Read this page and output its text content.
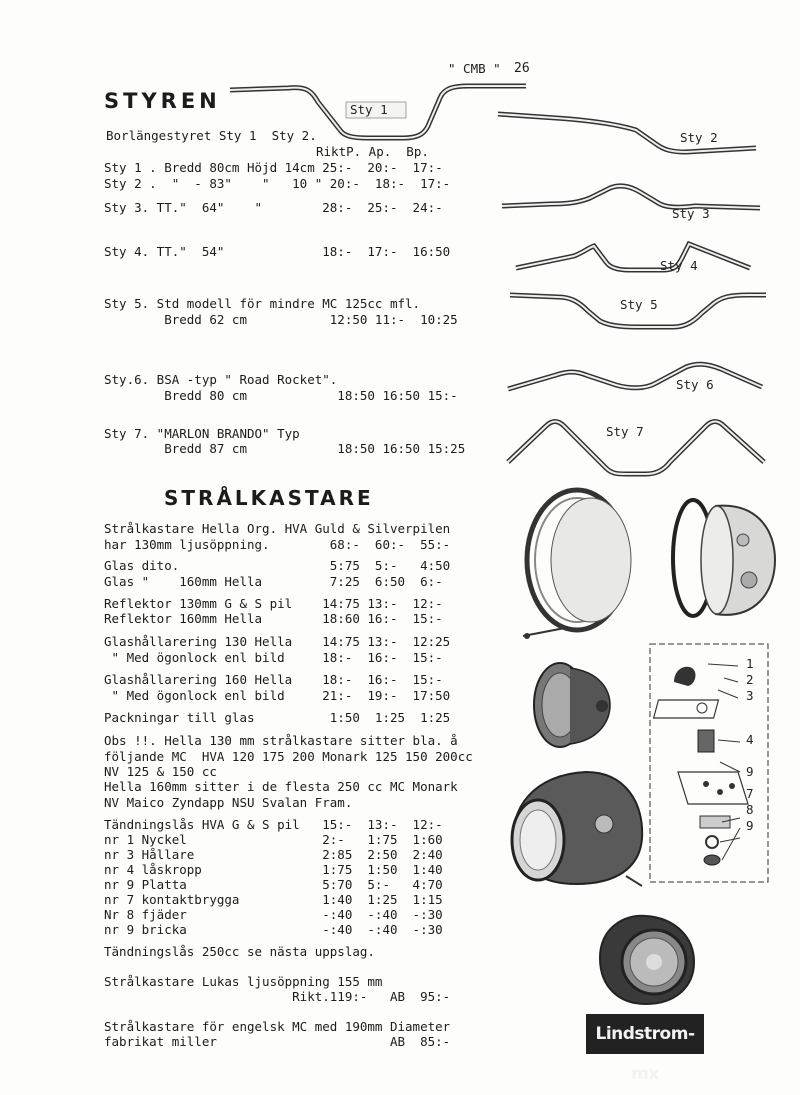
" CMB " 26
STYREN
Borlängestyret Sty 1  Sty 2.
RiktP. Ap.  Bp.
Sty 1 . Bredd 80cm Höjd 14cm 25:-  20:-  17:-
Sty 2 .  "  - 83"    "   10 " 20:-  18:-  17:-
Sty 3. TT."  64"    "        28:-  25:-  24:-
Sty 4. TT."  54"             18:-  17:-  16:50
Sty 5. Std modell för mindre MC 125cc mfl.
Bredd 62 cm           12:50 11:-  10:25
Sty.6. BSA -typ " Road Rocket".
Bredd 80 cm            18:50 16:50 15:-
Sty 7. "MARLON BRANDO" Typ
Bredd 87 cm            18:50 16:50 15:25
Sty 1
Sty 2
Sty 3
Sty 4
Sty 5
Sty 6
Sty 7
STRÅLKASTARE
Strålkastare Hella Org. HVA Guld & Silverpilen
har 130mm ljusöppning.        68:-  60:-  55:-
Glas dito.                    5:75  5:-   4:50
Glas "    160mm Hella         7:25  6:50  6:-
Reflektor 130mm G & S pil    14:75 13:-  12:-
Reflektor 160mm Hella        18:60 16:-  15:-
Glashållarering 130 Hella    14:75 13:-  12:25
" Med ögonlock enl bild     18:-  16:-  15:-
Glashållarering 160 Hella    18:-  16:-  15:-
" Med ögonlock enl bild     21:-  19:-  17:50
Packningar till glas          1:50  1:25  1:25
Obs !!. Hella 130 mm strålkastare sitter bla. å
följande MC  HVA 120 175 200 Monark 125 150 200cc
NV 125 & 150 cc
Hella 160mm sitter i de flesta 250 cc MC Monark
NV Maico Zyndapp NSU Svalan Fram.
Tändningslås HVA G & S pil   15:-  13:-  12:-
nr 1 Nyckel                  2:-   1:75  1:60
nr 3 Hållare                 2:85  2:50  2:40
nr 4 låskropp                1:75  1:50  1:40
nr 9 Platta                  5:70  5:-   4:70
nr 7 kontaktbrygga           1:40  1:25  1:15
Nr 8 fjäder                  -:40  -:40  -:30
nr 9 bricka                  -:40  -:40  -:30
Tändningslås 250cc se nästa uppslag.
Strålkastare Lukas ljusöppning 155 mm
Rikt.119:-   AB  95:-
Strålkastare för engelsk MC med 190mm Diameter
fabrikat miller                       AB  85:-
1
2
3
4
9
7
8
9
Lindstrom-mx
